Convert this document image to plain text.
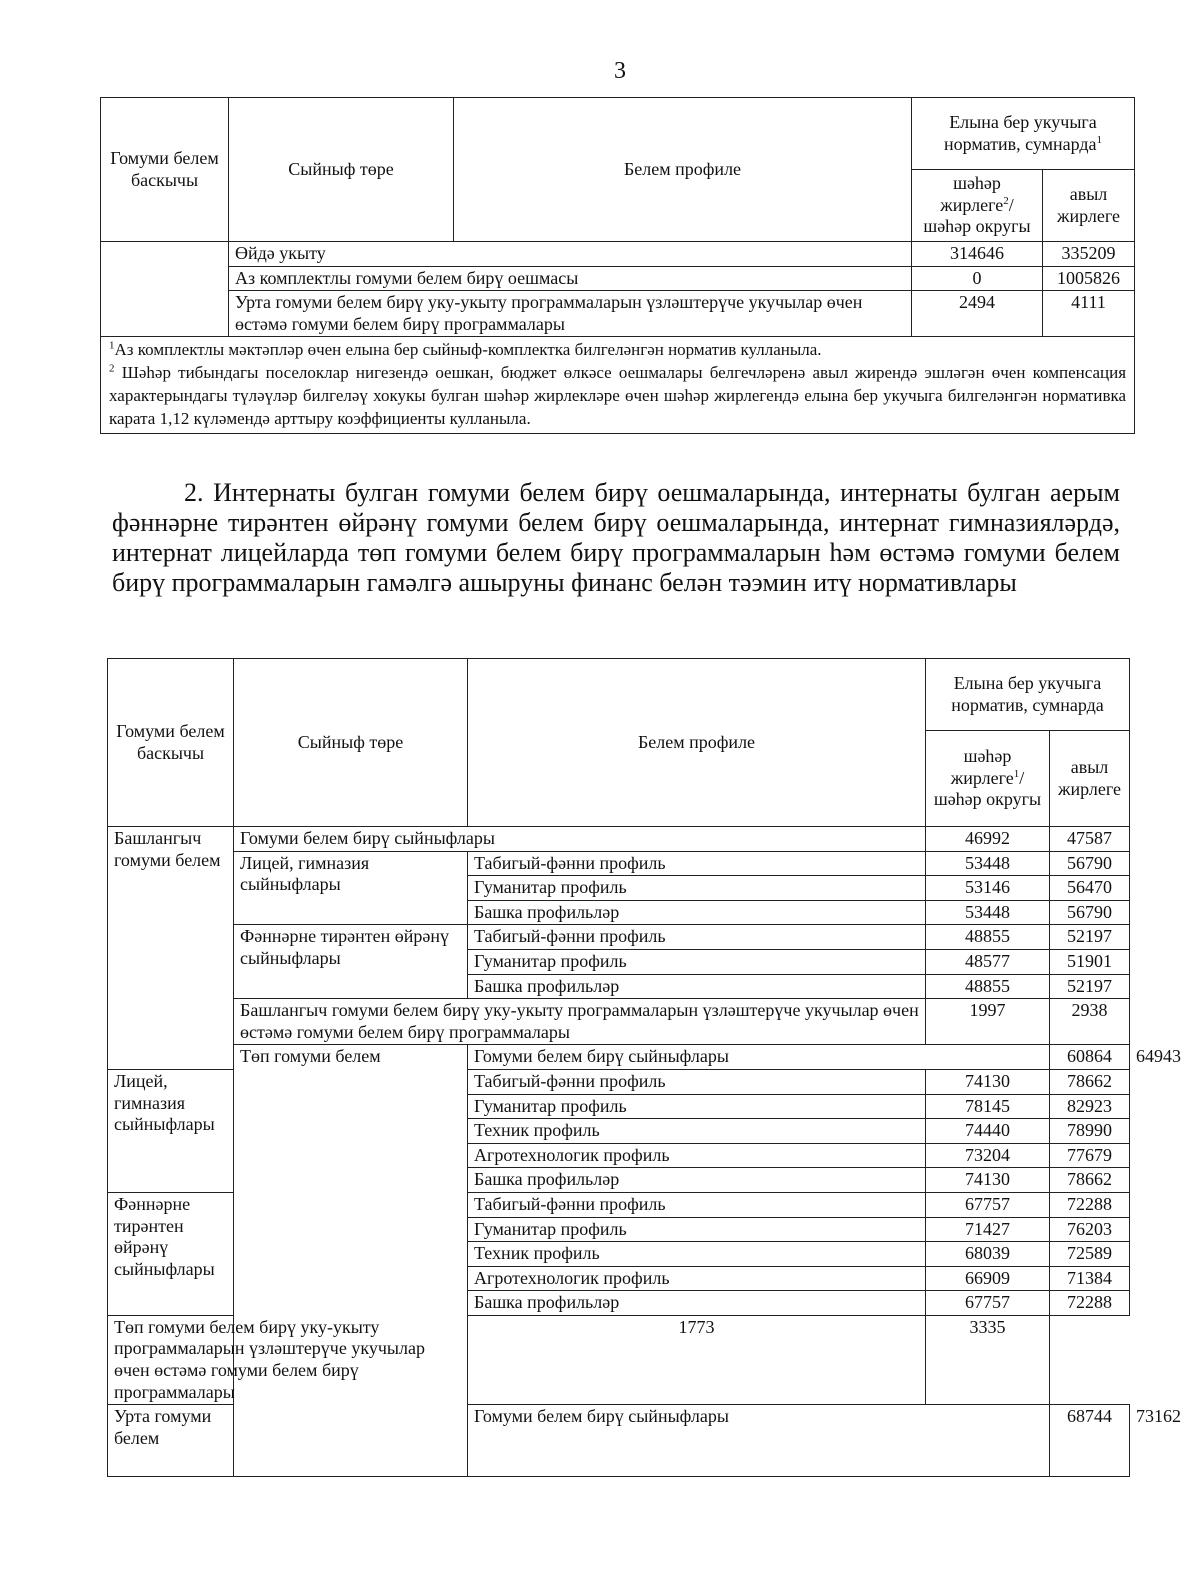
3
Гомуми белем баскычы	Сыйныф төре	Белем профиле	Елына бер укучыга норматив, сумнарда$^1$
			шәһәр жирлеге$^2$/ шәһәр округы	авыл жирлеге
	Өйдә укыту		314646	335209
	Аз комплектлы гомуми белем бирү оешмасы		0	1005826
	Урта гомуми белем бирү уку-укыту программаларын үзләштерүче укучылар өчен өстәмә гомуми белем бирү программалары		2494	4111

$^1$Аз комплектлы мәктәпләр өчен елына бер сыйныф-комплектка билгеләнгән норматив кулланыла.

$^2$ Шәһәр тибындагы поселоклар нигезендә оешкан, бюджет өлкәсе оешмалары белгечләренә авыл жирендә эшләгән өчен компенсация характерындагы түләүләр билгеләү хокукы булган шәһәр жирлекләре өчен шәһәр жирлегендә елына бер укучыга билгеләнгән нормативка карата 1,12 күләмендә арттыру коэффициенты кулланыла.				

2. Интернаты булган гомуми белем бирү оешмаларында, интернаты булган аерым фәннәрне тирәнтен өйрәнү гомуми белем бирү оешмаларында, интернат гимназияләрдә, интернат лицейларда төп гомуми белем бирү программаларын һәм өстәмә гомуми белем бирү программаларын гамәлгә ашыруны финанс белән тәэмин итү нормативлары

Гомуми белем баскычы	Сыйныф төре	Белем профиле	Елына бер укучыга норматив, сумнарда		
			шәһәр жирлеге$^1$/ шәһәр округы	авыл жирлеге	
Башлангыч гомуми белем	Гомуми белем бирү сыйныфлары		46992	47587	
	Лицей, гимназия сыйныфлары	Табигый-фәнни профиль	53448	56790	
		Гуманитар профиль	53146	56470	
		Башка профильләр	53448	56790	
	Фәннәрне тирәнтен өйрәнү сыйныфлары	Табигый-фәнни профиль	48855	52197	
		Гуманитар профиль	48577	51901	
		Башка профильләр	48855	52197	
	Башлангыч гомуми белем бирү уку-укыту программаларын үзләштерүче укучылар өчен өстәмә гомуми белем бирү программалары		1997	2938	
	Төп гомуми белем	Гомуми белем бирү сыйныфлары		60864	64943
Лицей, гимназия сыйныфлары		Табигый-фәнни профиль	74130	78662	
		Гуманитар профиль	78145	82923	
		Техник профиль	74440	78990	
		Агротехнологик профиль	73204	77679	
		Башка профильләр	74130	78662	
Фәннәрне тирәнтен өйрәнү сыйныфлары		Табигый-фәнни профиль	67757	72288	
		Гуманитар профиль	71427	76203	
		Техник профиль	68039	72589	
		Агротехнологик профиль	66909	71384	
		Башка профильләр	67757	72288	
Төп гомуми белем бирү уку-укыту программаларын үзләштерүче укучылар өчен өстәмә гомуми белем бирү программалары		1773	3335		
Урта гомуми белем		Гомуми белем бирү сыйныфлары		68744	73162
